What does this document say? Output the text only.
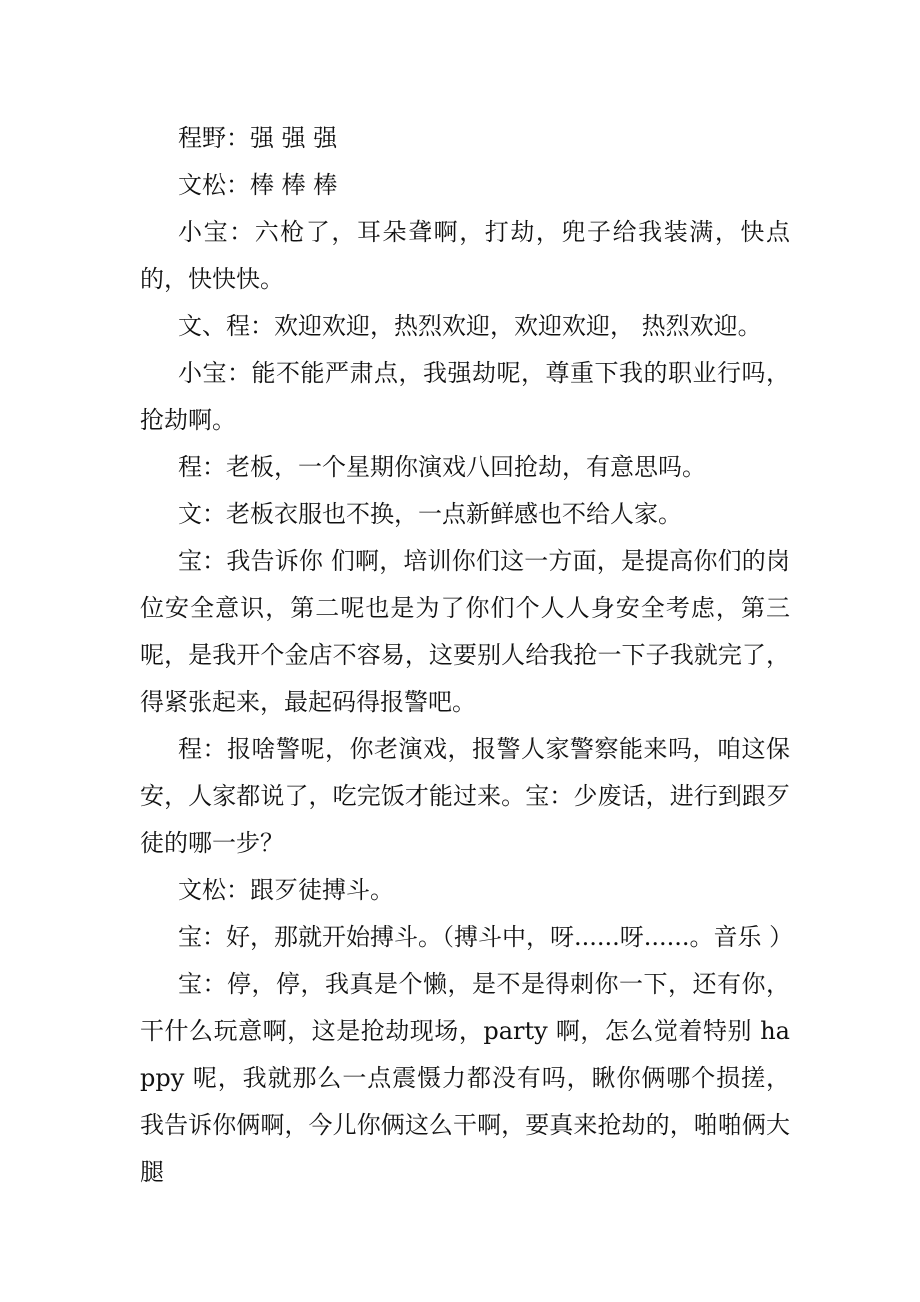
程野：强 强 强

文松：棒 棒 棒

小宝：六枪了，耳朵聋啊，打劫，兜子给我装满，快点的，快快快。

文、程：欢迎欢迎，热烈欢迎，欢迎欢迎， 热烈欢迎。

小宝：能不能严肃点，我强劫呢，尊重下我的职业行吗，抢劫啊。

程：老板，一个星期你演戏八回抢劫，有意思吗。

文：老板衣服也不换，一点新鲜感也不给人家。

宝：我告诉你 们啊，培训你们这一方面，是提高你们的岗位安全意识，第二呢也是为了你们个人人身安全考虑，第三呢，是我开个金店不容易，这要别人给我抢一下子我就完了，得紧张起来，最起码得报警吧。

程：报啥警呢，你老演戏，报警人家警察能来吗，咱这保安，人家都说了，吃完饭才能过来。宝：少废话，进行到跟歹徒的哪一步？

文松：跟歹徒搏斗。

宝：好，那就开始搏斗。（搏斗中，呀......呀......。音乐 ）

宝：停，停，我真是个懒，是不是得刺你一下，还有你，干什么玩意啊，这是抢劫现场，party 啊，怎么觉着特别 happy 呢，我就那么一点震慑力都没有吗，瞅你俩哪个损搓，我告诉你俩啊，今儿你俩这么干啊，要真来抢劫的，啪啪俩大腿
